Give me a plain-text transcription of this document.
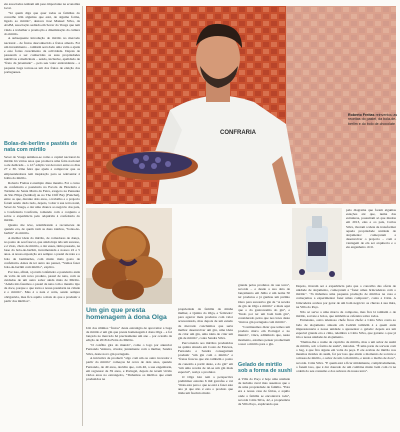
ele associados tenham um peso importante na economia local.

"Só quem diga que quer todas as famílias do concelho têm algumas que está, de alguma forma, ligado ao mirtilo", destaca José Manuel Silva, da AGIM, associação sediada em Sever do Vouga que tem vindo a trabalhar a promoção e dinamização da cultura do mirtilo.

A subsequente introdução do mirtilo no mercado nacional – de frutos desconhecido a frutos amado. Foi um investimento – também será dado uma valia a ajuda e este fortes crescimento da actividade. Depois de passarem a ser conhecidas as suas propriedades nutritivas e medicinais – sendo, inclusive, apelidado de "fruto da juventude" – pelo seu valor antioxidante – a pequena baga tornou-se um dos frutos de eleição dos portugueses.

Bolas-de-berlim e pastéis de nata com mirtilo

Sever do Vouga aninhou-se como a capital nacional do mirtilo há vários anos que promove uma feira nacional a ele dedicada – a 12.ª edição vai decorrer entre os dias 27 e 30. Uma feira que ajuda a comprovar que os empreendedores tem inspiração para se reinventar à bolha do mirtilo.

Roberto Freitas é exemplo disso mesmo. Foi o curso de confeitaria e pastelaria na Escola de Hotelaria e Turismo de Santa Maria da Feira, exagero na Pensante de São Filipe (Setúbal) ou no The Cliff Bay (Funchal), entre os que, durante dois anos, o trabalho e o projecto foram sendo dado tudo, depois, voltar à sua terra natal, Sever do Vouga, e dar uma chance ao negócio dos pais, a Confeitaria Confraria, tomando com a conjunto e sobre a experiência pelo adquirida à confeitaria do mirtilo.

Quanto me teve, relembrando a reconteceu de quando era, de quem vem as duas toinhos, "bolas-de-berlim" do mirtilo.

A melhor ideia do mirtilo, de comadores de dança, no ponto do seu frescor, que ainda haja não um sucesso, e é visto, cheio de mirtilo, a dar esses, tinha passado, na base da bola-de-berlim, incrementada a nossos 22 e 5 anos. A nossa exposição era sempre o pastel de nata e o bolo de Guimarães, com muito mais gosto de confeitaria. Antes de ter outro ato pensei, "Vamos fazer bola-de-berlim com mirtilo", explica.

Por isso, afinal, a jovem confeiteiro e pasteleiro anda de volta de um novo produto, pastel de nata, com as cuidadas de um outro sabor ainda mais de Mirtilo. "Ainda não fazemos o pastel de nata com o mesmo tipo de doce, porque o que torna a nossa pastelaria na cidade é o mirtilo". Mas é a nata é certa, sendo sempre obrigatória, mas fica aquilo a mais do que a produzir a partir dos mirtilos".

CONFRARIA
Roberto Freitas reinventou as receitas do pastel, da bola-de-berlim e do bolo de chocolate
Um gin que presta homenagem à dona Olga

Um dos últimos "frutos" desta estratégia de aproveitar a baga de mirtilo é um gin que presta homenagem à dona Olga – e foi lançado no mercado há precisamente um ano – por ocasião da edição de 2018 da Feira do Mirtilo.

"O conflito gira do mundo", como o logo por anunciar Fernando Ventura, criador, juntamente com a mulher, Sandra Silva, deste novo gin português.

A iniciativa de produzir "algo com um ou outro inovador a partir do mirtilo" começou há cerca de dois anos, quando Fernando, de 49 anos, decidiu que, com 46, a sua engenharia, em regressar de 39 anos, e Portugal, depois de terem vivido vários anos no estrangeiro, "Tínhamos os mirtilos que eram produzidos na

propriedade da família da minha mulher, a Quinta do Olga, e 'feiticeiro' para agarrar mais produtos com valor acrescentado, mas depois de um estudo de mercado concluímos que seria melhor desenvolver um gin, uma ideia de criar um gin, uma ideia de criar um gin de mirtilo", conta Sandra Silva.

Percorrendo aos mirtilos produzidos na quinta situada em Couto de Esteves, Fernando e Sandra conseguiram produzir "um gin com o mirtilo" e "frutas frescas que são também o ponto de conexão a partir deste, e do gin" em "um uma receita de tal-se um gin mais especial", realça o produtor.

O Olga Gin tem a perspectiva preliminar estrelas 6 mil garrafas e vai "mais esta para o que se está a fazer este ano já que não é esta o produto que tinha um fascínio muito

grande pelos produtos da sua terra", recorda – e desde a sua data de lançamento em Julho é um nome 50 ter produtos e já ganhou um prémio Ouro para sucessivo gin de "A receita de gin de Olga e mirtilo" e mais aqui que o da gastronomia do gin", e "lindo por ter um bom hum gin", considerado pelos que nos lotes deste "únicos gin portugués com mirtilo".

"Continuamos dizer que temos um produto único em Portugal e no mundo", vinca, admitindo que, neste momento, estamos pensar produzirem a usar o mirtilo para o gin.

Gelado de mirtilo sob a forma de sushi

A Villa do Paço é hoje uma unidade de turismo rural mas assentou que o de uma propriedade de família. "Esta era a nossa casa de férias, e aquilo onde a família se encontrava toda", recorda Cátia Silva, 42, e proprietária da Villa Paço, explicando que

pelo diagrama que foram algumas estações até que, numa das estruturas, possuíram só que mudou em 2013, eles e os pais, Carlos Silva, tiveram a ideia de transformar aquela propriedade unidade de alojamento: começaram a desenvolver o projecto – com a vantagem de ela ser arquitecta e o ele engenheiro civil.

Depois, tiveram ser a experiência pela que o concelho das oferta de unidade de alojamento, começaram a "fazer umas brincadeiras com o mirtilo". "Já tínhamos uma pequena produção de mirtilos na casa e começamos a experimentar fazer umas compotas", conta a Cátia. A brincadeira acabou por gerar de um bom negócio: as chuvas à sua mira, na Villa do Paço.

Não só serve a uma marca de compotas, mas fica lá também o de mirtilo, sorvete e bolos, que também se cafeteira sobre todos.

Entretanto, outro talentoso chefe ficou chefe: a Cátia Silva conta ao lado de alojamento situada em Cedrim também é a quem anda impressionaria a nossa unidade a apresentar o gelado: depois era um especial grande era a cima, relembra a Cátia Silva, que garante o que já iria a nossa unidade de alojamento.

"Demos-lhe o nome de capricho de mirtilo, mas a um sabor de sushi de mirtilo, sob a forma de sushi", introduz. "É uma parte de sorvete com o bag, é que fica alguns em volta da peça. E ele acabou de mirtilo nos mesmos moldes do sushi, foi por isso que ainda o momento de sorvete e a massa de mirtilo, o sabor de um com mirtilo, e tendo o molho de doce", recorda. Cátia Silva. "E quem está a ficar nitidamente, complicadamente, o fazem isso, que é dar dourado de um combina muito bem com cá na ordem do seu consumo e dos sabores da nossa terra".
